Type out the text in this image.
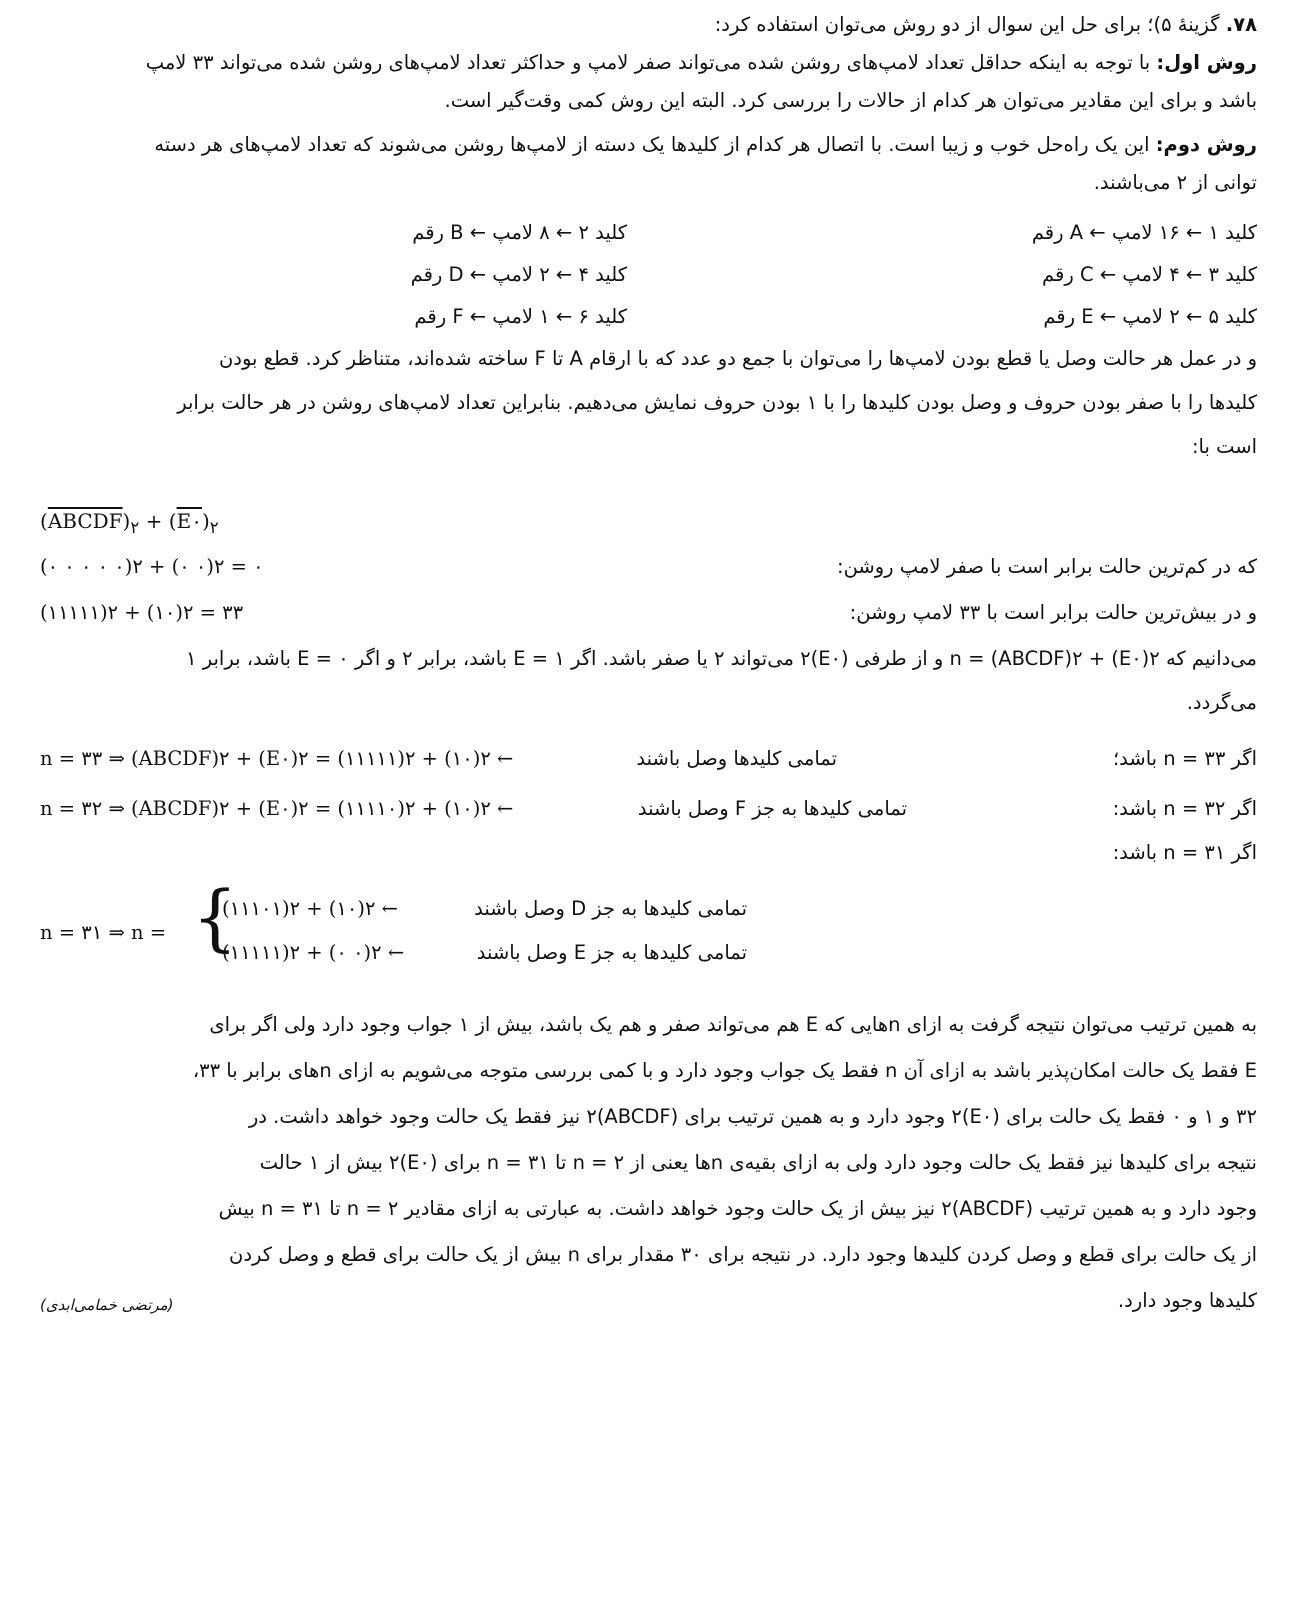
۷۸. گزینهٔ ۵)؛ برای حل این سوال از دو روش می‌توان استفاده کرد:
روش اول: با توجه به اینکه حداقل تعداد لامپ‌های روشن شده می‌تواند صفر لامپ و حداکثر تعداد لامپ‌های روشن شده می‌تواند ۳۳ لامپ
باشد و برای این مقادیر می‌توان هر کدام از حالات را بررسی کرد. البته این روش کمی وقت‌گیر است.
روش دوم: این یک راه‌حل خوب و زیبا است. با اتصال هر کدام از کلیدها یک دسته از لامپ‌ها روشن می‌شوند که تعداد لامپ‌های هر دسته
توانی از ۲ می‌باشند.
کلید ۱ ← ۱۶ لامپ ← A رقم
کلید ۲ ← ۸ لامپ ← B رقم
کلید ۳ ← ۴ لامپ ← C رقم
کلید ۴ ← ۲ لامپ ← D رقم
کلید ۵ ← ۲ لامپ ← E رقم
کلید ۶ ← ۱ لامپ ← F رقم
و در عمل هر حالت وصل یا قطع بودن لامپ‌ها را می‌توان با جمع دو عدد که با ارقام A تا F ساخته شده‌اند، متناظر کرد. قطع بودن
کلیدها را با صفر بودن حروف و وصل بودن کلیدها را با ۱ بودن حروف نمایش می‌دهیم. بنابراین تعداد لامپ‌های روشن در هر حالت برابر
است با:
$(ABCDF)_۲$ + $(E۰)_۲$
(۰ ۰ ۰ ۰ ۰)۲ + (۰ ۰)۲ = ۰	که در کم‌ترین حالت برابر است با صفر لامپ روشن:
(۱۱۱۱۱)۲ + (۱۰)۲ = ۳۳	و در بیش‌ترین حالت برابر است با ۳۳ لامپ روشن:
می‌دانیم که n = (ABCDF)۲ + (E۰)۲ و از طرفی (E۰)۲ می‌تواند ۲ یا صفر باشد. اگر E = ۱ باشد، برابر ۲ و اگر E = ۰ باشد، برابر ۱
می‌گردد.
n = ۳۳ ⇒ (ABCDF)۲ + (E۰)۲ = (۱۱۱۱۱)۲ + (۱۰)۲ ←	تمامی کلیدها وصل باشند	اگر n = ۳۳ باشد؛
n = ۳۲ ⇒ (ABCDF)۲ + (E۰)۲ = (۱۱۱۱۰)۲ + (۱۰)۲ ←	تمامی کلیدها به جز F وصل باشند	اگر n = ۳۲ باشد:
اگر n = ۳۱ باشد:
n = ۳۱ ⇒ n = {
(۱۱۱۰۱)۲ + (۱۰)۲ ←	تمامی کلیدها به جز D وصل باشند
(۱۱۱۱۱)۲ + (۰ ۰)۲ ←	تمامی کلیدها به جز E وصل باشند
به همین ترتیب می‌توان نتیجه گرفت به ازای nهایی که E هم می‌تواند صفر و هم یک باشد، بیش از ۱ جواب وجود دارد ولی اگر برای
E فقط یک حالت امکان‌پذیر باشد به ازای آن n فقط یک جواب وجود دارد و با کمی بررسی متوجه می‌شویم به ازای nهای برابر با ۳۳،
۳۲ و ۱ و ۰ فقط یک حالت برای (E۰)۲ وجود دارد و به همین ترتیب برای (ABCDF)۲ نیز فقط یک حالت وجود خواهد داشت. در
نتیجه برای کلیدها نیز فقط یک حالت وجود دارد ولی به ازای بقیه‌ی nها یعنی از n = ۲ تا n = ۳۱ برای (E۰)۲ بیش از ۱ حالت
وجود دارد و به همین ترتیب (ABCDF)۲ نیز بیش از یک حالت وجود خواهد داشت. به عبارتی به ازای مقادیر n = ۲ تا n = ۳۱ بیش
از یک حالت برای قطع و وصل کردن کلیدها وجود دارد. در نتیجه برای ۳۰ مقدار برای n بیش از یک حالت برای قطع و وصل کردن
کلیدها وجود دارد.
(مرتضی خمامی‌ابدی)
